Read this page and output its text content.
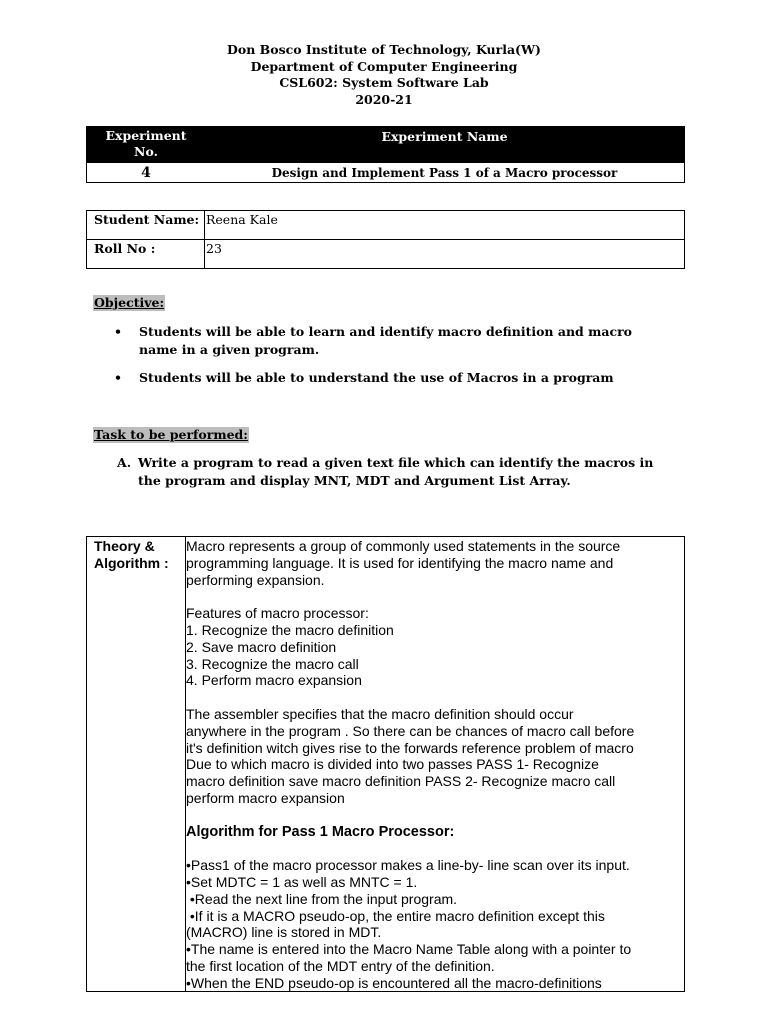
Don Bosco Institute of Technology, Kurla(W)
Department of Computer Engineering
CSL602: System Software Lab
2020-21
Experiment
No.
Experiment Name
4	Design and Implement Pass 1 of a Macro processor
Student Name: Reena Kale
Roll No :	23
Objective:
• Students will be able to learn and identify macro definition and macro name in a given program.
• Students will be able to understand the use of Macros in a program
Task to be performed:
A. Write a program to read a given text file which can identify the macros in the program and display MNT, MDT and Argument List Array.
Theory &
Algorithm :

Macro represents a group of commonly used statements in the source

programming language. It is used for identifying the macro name and

performing expansion.

Features of macro processor:

1. Recognize the macro definition

2. Save macro definition

3. Recognize the macro call

4. Perform macro expansion

The assembler specifies that the macro definition should occur

anywhere in the program . So there can be chances of macro call before

it's definition witch gives rise to the forwards reference problem of macro

Due to which macro is divided into two passes PASS 1- Recognize

macro definition save macro definition PASS 2- Recognize macro call

perform macro expansion

Algorithm for Pass 1 Macro Processor:

•Pass1 of the macro processor makes a line-by- line scan over its input.

•Set MDTC = 1 as well as MNTC = 1.

•Read the next line from the input program.

•If it is a MACRO pseudo-op, the entire macro definition except this

(MACRO) line is stored in MDT.

•The name is entered into the Macro Name Table along with a pointer to

the first location of the MDT entry of the definition.

•When the END pseudo-op is encountered all the macro-definitions
